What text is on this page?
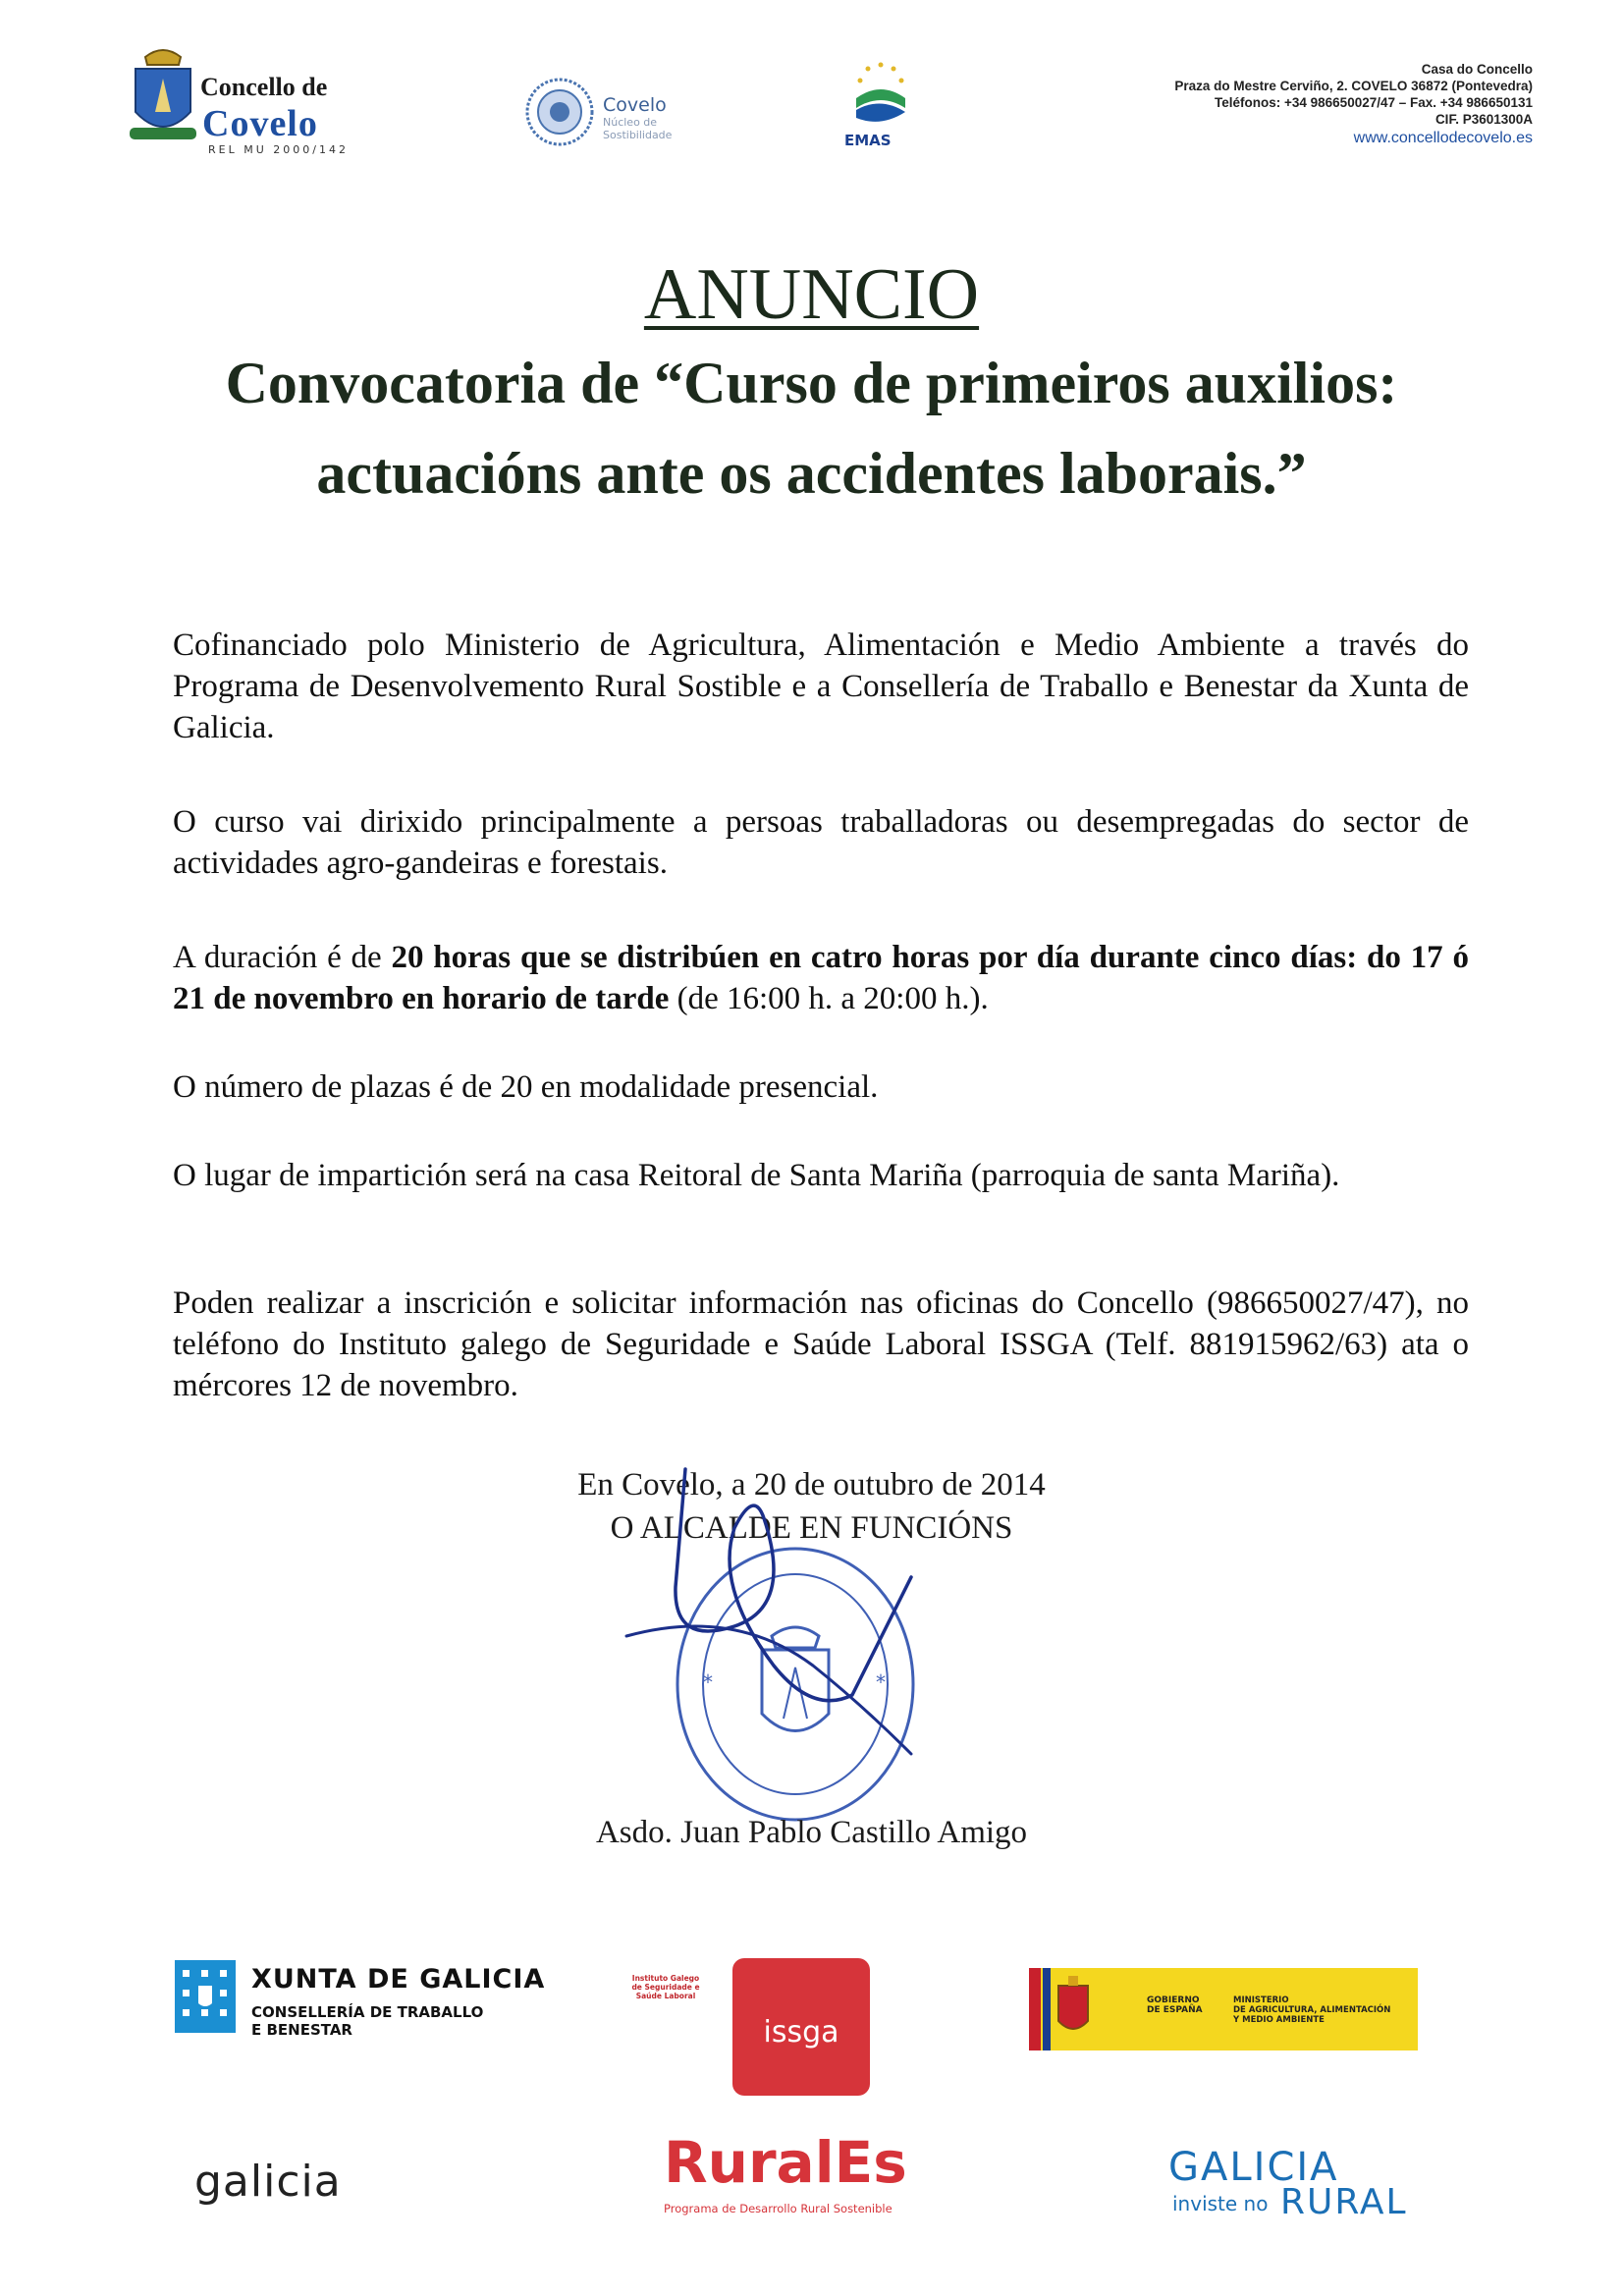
Concello de
Covelo
REL MU 2000/142
Covelo
Núcleo de
Sostibilidade	EMAS
Casa do Concello
Praza do Mestre Cerviño, 2. COVELO 36872 (Pontevedra)
Teléfonos: +34 986650027/47 – Fax. +34 986650131
CIF. P3601300A
www.concellodecovelo.es
ANUNCIO
Convocatoria de “Curso de primeiros auxilios: actuacións ante os accidentes laborais.”
Cofinanciado polo Ministerio de Agricultura, Alimentación e Medio Ambiente a través do Programa de Desenvolvemento Rural Sostible e a Consellería de Traballo e Benestar da Xunta de Galicia.
O curso vai dirixido principalmente a persoas traballadoras ou desempregadas do sector de actividades agro-gandeiras e forestais.
A duración é de 20 horas que se distribúen en catro horas por día durante cinco días: do 17 ó 21 de novembro en horario de tarde (de 16:00 h. a 20:00 h.).
O número de plazas é de 20 en modalidade presencial.
O lugar de impartición será na casa Reitoral de Santa Mariña (parroquia de santa Mariña).
Poden realizar a inscrición e solicitar información nas oficinas do Concello (986650027/47), no teléfono do Instituto galego de Seguridade e Saúde Laboral ISSGA (Telf. 881915962/63) ata o mércores 12 de novembro.
En Covelo, a 20 de outubro de 2014
O ALCALDE EN FUNCIÓNS
*	*
Asdo. Juan Pablo Castillo Amigo
XUNTA DE GALICIA
CONSELLERÍA DE TRABALLO
E BENESTAR
Instituto Galego
de Seguridade e
Saúde Laboral
issga
GOBIERNO
DE ESPAÑA
MINISTERIO
DE AGRICULTURA, ALIMENTACIÓN
Y MEDIO AMBIENTE
galicia	RuralEs
Programa de Desarrollo Rural Sostenible
GALICIA
inviste no RURAL
